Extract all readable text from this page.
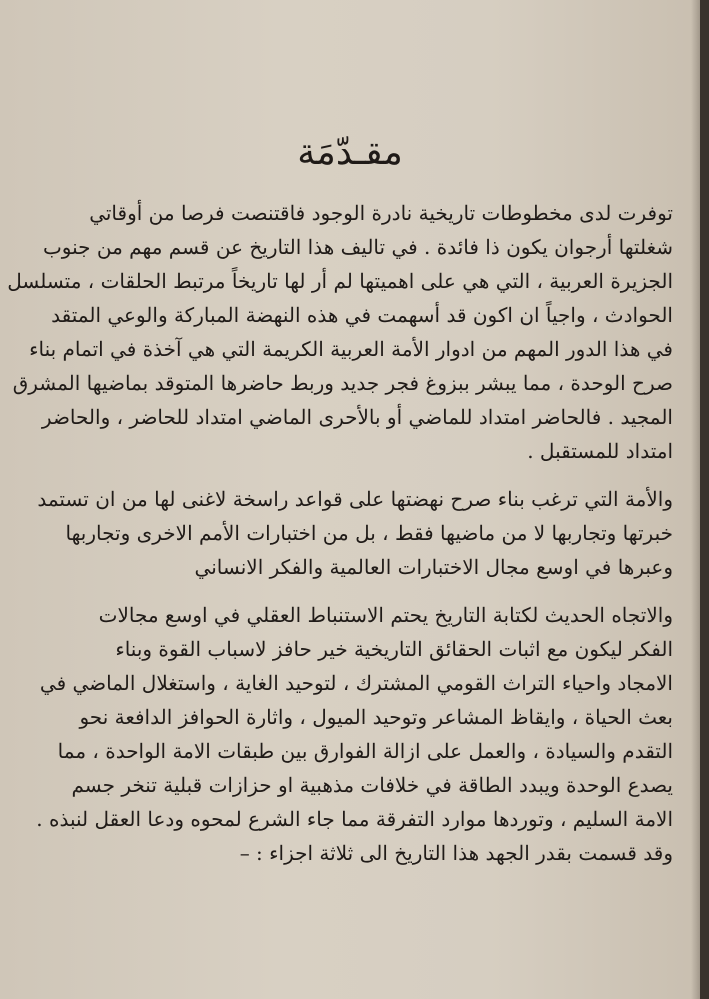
مقـدّمَة
توفرت لدى مخطوطات تاريخية نادرة الوجود فاقتنصت فرصا من أوقاتي
شغلتها أرجوان يكون ذا فائدة . في تاليف هذا التاريخ عن قسم مهم من جنوب
الجزيرة العربية ، التي هي على اهميتها لم أر لها تاريخاً مرتبط الحلقات ، متسلسل
الحوادث ، واجياً ان اكون قد أسهمت في هذه النهضة المباركة والوعي المتقد
في هذا الدور المهم من ادوار الأمة العربية الكريمة التي هي آخذة في اتمام بناء
صرح الوحدة ، مما يبشر ببزوغ فجر جديد وربط حاضرها المتوقد بماضيها المشرق
المجيد . فالحاضر امتداد للماضي أو بالأحرى الماضي امتداد للحاضر ، والحاضر
امتداد للمستقبل .
والأمة التي ترغب بناء صرح نهضتها على قواعد راسخة لاغنى لها من ان تستمد
خبرتها وتجاربها لا من ماضيها فقط ، بل من اختبارات الأمم الاخرى وتجاربها
وعبرها في اوسع مجال الاختبارات العالمية والفكر الانساني
والاتجاه الحديث لكتابة التاريخ يحتم الاستنباط العقلي في اوسع مجالات
الفكر ليكون مع اثبات الحقائق التاريخية خير حافز لاسباب القوة وبناء
الامجاد واحياء التراث القومي المشترك ، لتوحيد الغاية ، واستغلال الماضي في
بعث الحياة ، وايقاظ المشاعر وتوحيد الميول ، واثارة الحوافز الدافعة نحو
التقدم والسيادة ، والعمل على ازالة الفوارق بين طبقات الامة الواحدة ، مما
يصدع الوحدة ويبدد الطاقة في خلافات مذهبية او حزازات قبلية تنخر جسم
الامة السليم ، وتوردها موارد التفرقة مما جاء الشرع لمحوه ودعا العقل لنبذه .
وقد قسمت بقدر الجهد هذا التاريخ الى ثلاثة اجزاء : –
